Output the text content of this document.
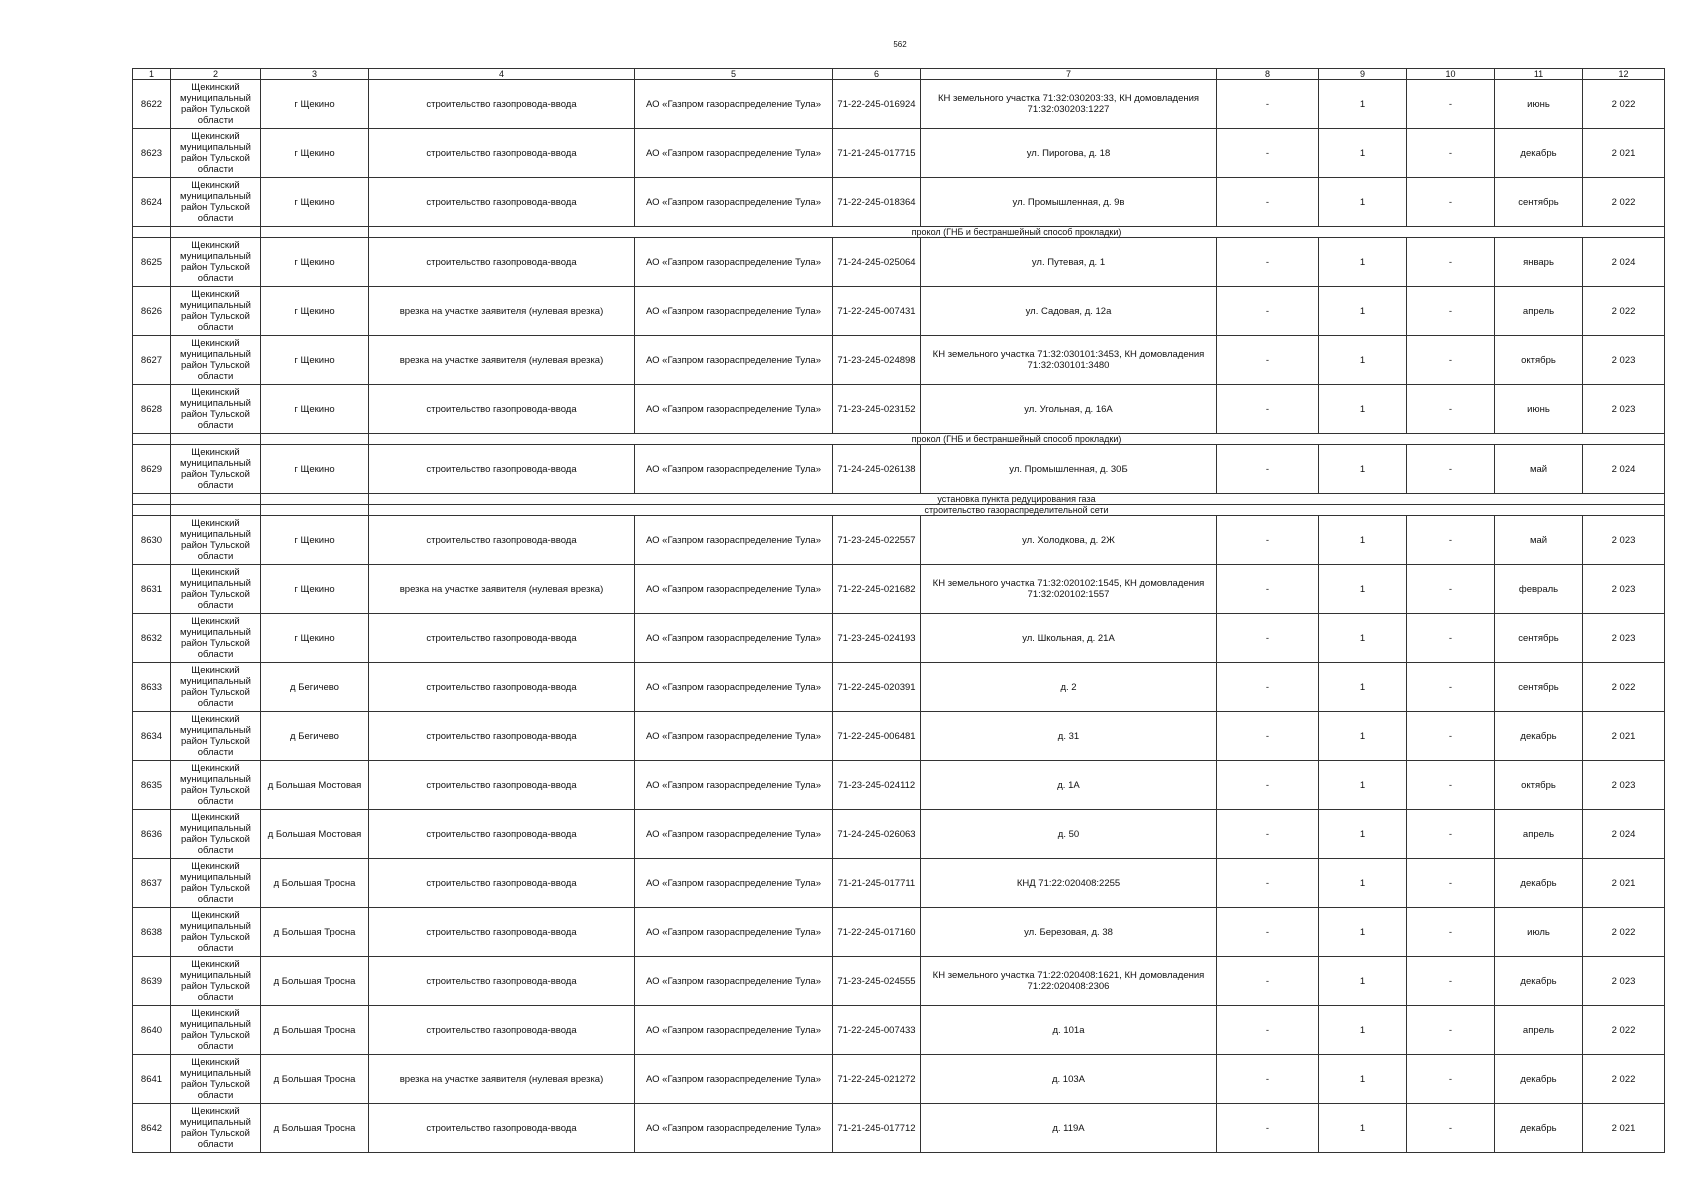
562
1	2	3	4	5	6	7	8	9	10	11	12
8622	Щекинский муниципальный район Тульской области	г Щекино	строительство газопровода-ввода	АО «Газпром газораспределение Тула»	71-22-245-016924	КН земельного участка 71:32:030203:33, КН домовладения 71:32:030203:1227	-	1	-	июнь	2 022
8623	Щекинский муниципальный район Тульской области	г Щекино	строительство газопровода-ввода	АО «Газпром газораспределение Тула»	71-21-245-017715	ул. Пирогова, д. 18	-	1	-	декабрь	2 021
8624	Щекинский муниципальный район Тульской области	г Щекино	строительство газопровода-ввода	АО «Газпром газораспределение Тула»	71-22-245-018364	ул. Промышленная, д. 9в	-	1	-	сентябрь	2 022
			прокол (ГНБ и бестраншейный способ прокладки)								
8625	Щекинский муниципальный район Тульской области	г Щекино	строительство газопровода-ввода	АО «Газпром газораспределение Тула»	71-24-245-025064	ул. Путевая, д. 1	-	1	-	январь	2 024
8626	Щекинский муниципальный район Тульской области	г Щекино	врезка на участке заявителя (нулевая врезка)	АО «Газпром газораспределение Тула»	71-22-245-007431	ул. Садовая, д. 12а	-	1	-	апрель	2 022
8627	Щекинский муниципальный район Тульской области	г Щекино	врезка на участке заявителя (нулевая врезка)	АО «Газпром газораспределение Тула»	71-23-245-024898	КН земельного участка 71:32:030101:3453, КН домовладения 71:32:030101:3480	-	1	-	октябрь	2 023
8628	Щекинский муниципальный район Тульской области	г Щекино	строительство газопровода-ввода	АО «Газпром газораспределение Тула»	71-23-245-023152	ул. Угольная, д. 16А	-	1	-	июнь	2 023
			прокол (ГНБ и бестраншейный способ прокладки)								
8629	Щекинский муниципальный район Тульской области	г Щекино	строительство газопровода-ввода	АО «Газпром газораспределение Тула»	71-24-245-026138	ул. Промышленная, д. 30Б	-	1	-	май	2 024
			установка пункта редуцирования газа								
			строительство газораспределительной сети								
8630	Щекинский муниципальный район Тульской области	г Щекино	строительство газопровода-ввода	АО «Газпром газораспределение Тула»	71-23-245-022557	ул. Холодкова, д. 2Ж	-	1	-	май	2 023
8631	Щекинский муниципальный район Тульской области	г Щекино	врезка на участке заявителя (нулевая врезка)	АО «Газпром газораспределение Тула»	71-22-245-021682	КН земельного участка 71:32:020102:1545, КН домовладения 71:32:020102:1557	-	1	-	февраль	2 023
8632	Щекинский муниципальный район Тульской области	г Щекино	строительство газопровода-ввода	АО «Газпром газораспределение Тула»	71-23-245-024193	ул. Школьная, д. 21А	-	1	-	сентябрь	2 023
8633	Щекинский муниципальный район Тульской области	д Бегичево	строительство газопровода-ввода	АО «Газпром газораспределение Тула»	71-22-245-020391	д. 2	-	1	-	сентябрь	2 022
8634	Щекинский муниципальный район Тульской области	д Бегичево	строительство газопровода-ввода	АО «Газпром газораспределение Тула»	71-22-245-006481	д. 31	-	1	-	декабрь	2 021
8635	Щекинский муниципальный район Тульской области	д Большая Мостовая	строительство газопровода-ввода	АО «Газпром газораспределение Тула»	71-23-245-024112	д. 1А	-	1	-	октябрь	2 023
8636	Щекинский муниципальный район Тульской области	д Большая Мостовая	строительство газопровода-ввода	АО «Газпром газораспределение Тула»	71-24-245-026063	д. 50	-	1	-	апрель	2 024
8637	Щекинский муниципальный район Тульской области	д Большая Тросна	строительство газопровода-ввода	АО «Газпром газораспределение Тула»	71-21-245-017711	КНД 71:22:020408:2255	-	1	-	декабрь	2 021
8638	Щекинский муниципальный район Тульской области	д Большая Тросна	строительство газопровода-ввода	АО «Газпром газораспределение Тула»	71-22-245-017160	ул. Березовая, д. 38	-	1	-	июль	2 022
8639	Щекинский муниципальный район Тульской области	д Большая Тросна	строительство газопровода-ввода	АО «Газпром газораспределение Тула»	71-23-245-024555	КН земельного участка 71:22:020408:1621, КН домовладения 71:22:020408:2306	-	1	-	декабрь	2 023
8640	Щекинский муниципальный район Тульской области	д Большая Тросна	строительство газопровода-ввода	АО «Газпром газораспределение Тула»	71-22-245-007433	д. 101а	-	1	-	апрель	2 022
8641	Щекинский муниципальный район Тульской области	д Большая Тросна	врезка на участке заявителя (нулевая врезка)	АО «Газпром газораспределение Тула»	71-22-245-021272	д. 103А	-	1	-	декабрь	2 022
8642	Щекинский муниципальный район Тульской области	д Большая Тросна	строительство газопровода-ввода	АО «Газпром газораспределение Тула»	71-21-245-017712	д. 119А	-	1	-	декабрь	2 021
